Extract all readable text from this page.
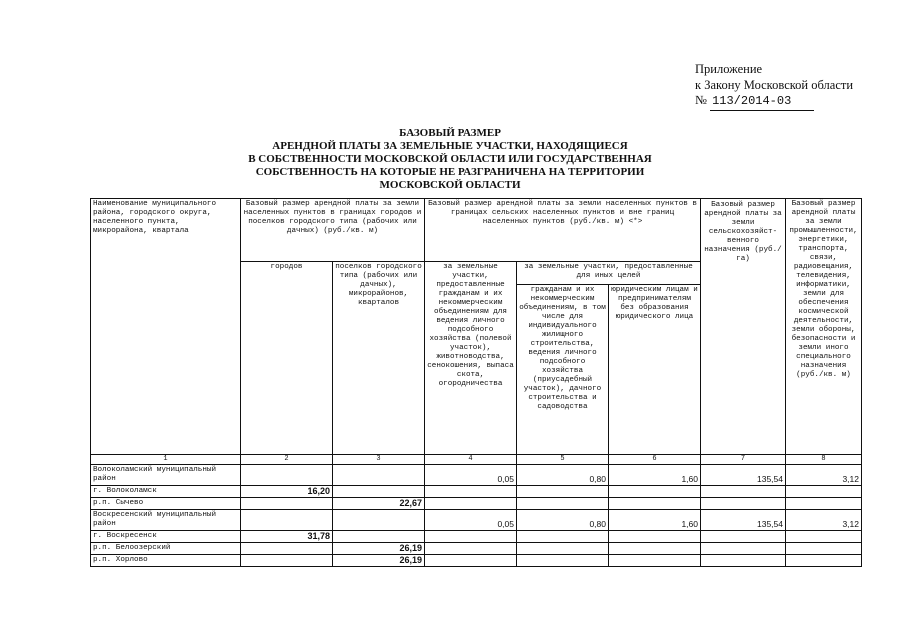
Приложение
к Закону Московской области
№ 113/2014-03
БАЗОВЫЙ РАЗМЕР
АРЕНДНОЙ ПЛАТЫ ЗА ЗЕМЕЛЬНЫЕ УЧАСТКИ, НАХОДЯЩИЕСЯ
В СОБСТВЕННОСТИ МОСКОВСКОЙ ОБЛАСТИ ИЛИ ГОСУДАРСТВЕННАЯ
СОБСТВЕННОСТЬ НА КОТОРЫЕ НЕ РАЗГРАНИЧЕНА НА ТЕРРИТОРИИ
МОСКОВСКОЙ ОБЛАСТИ
Наименование муниципального района, городского округа, населенного пункта, микрорайона, квартала	Базовый размер арендной платы за земли населенных пунктов в границах городов и поселков городского типа (рабочих или дачных) (руб./кв. м)		Базовый размер арендной платы за земли населенных пунктов в границах сельских населенных пунктов и вне границ населенных пунктов (руб./кв. м) <*>			Базовый размер арендной платы за земли сельскохозяйст-венного назначения (руб./га)	Базовый размер арендной платы за земли промышленности, энергетики, транспорта, связи, радиовещания, телевидения, информатики, земли для обеспечения космической деятельности, земли обороны, безопасности и земли иного специального назначения (руб./кв. м)
	городов	поселков городского типа (рабочих или дачных), микрорайонов, кварталов	за земельные участки, предоставленные гражданам и их некоммерческим объединениям для ведения личного подсобного хозяйства (полевой участок), животноводства, сенокошения, выпаса скота, огородничества	за земельные участки, предоставленные для иных целей			
				гражданам и их некоммерческим объединениям, в том числе для индивидуального жилищного строительства, ведения личного подсобного хозяйства (приусадебный участок), дачного строительства и садоводства	юридическим лицам и предпринимателям без образования юридического лица		
1	2	3	4	5	6	7	8
Волоколамский муниципальный район			0,05	0,80	1,60	135,54	3,12
г. Волоколамск	16,20						
р.п. Сычево		22,67					
Воскресенский муниципальный район			0,05	0,80	1,60	135,54	3,12
г. Воскресенск	31,78						
р.п. Белоозерский		26,19					
р.п. Хорлово		26,19					
